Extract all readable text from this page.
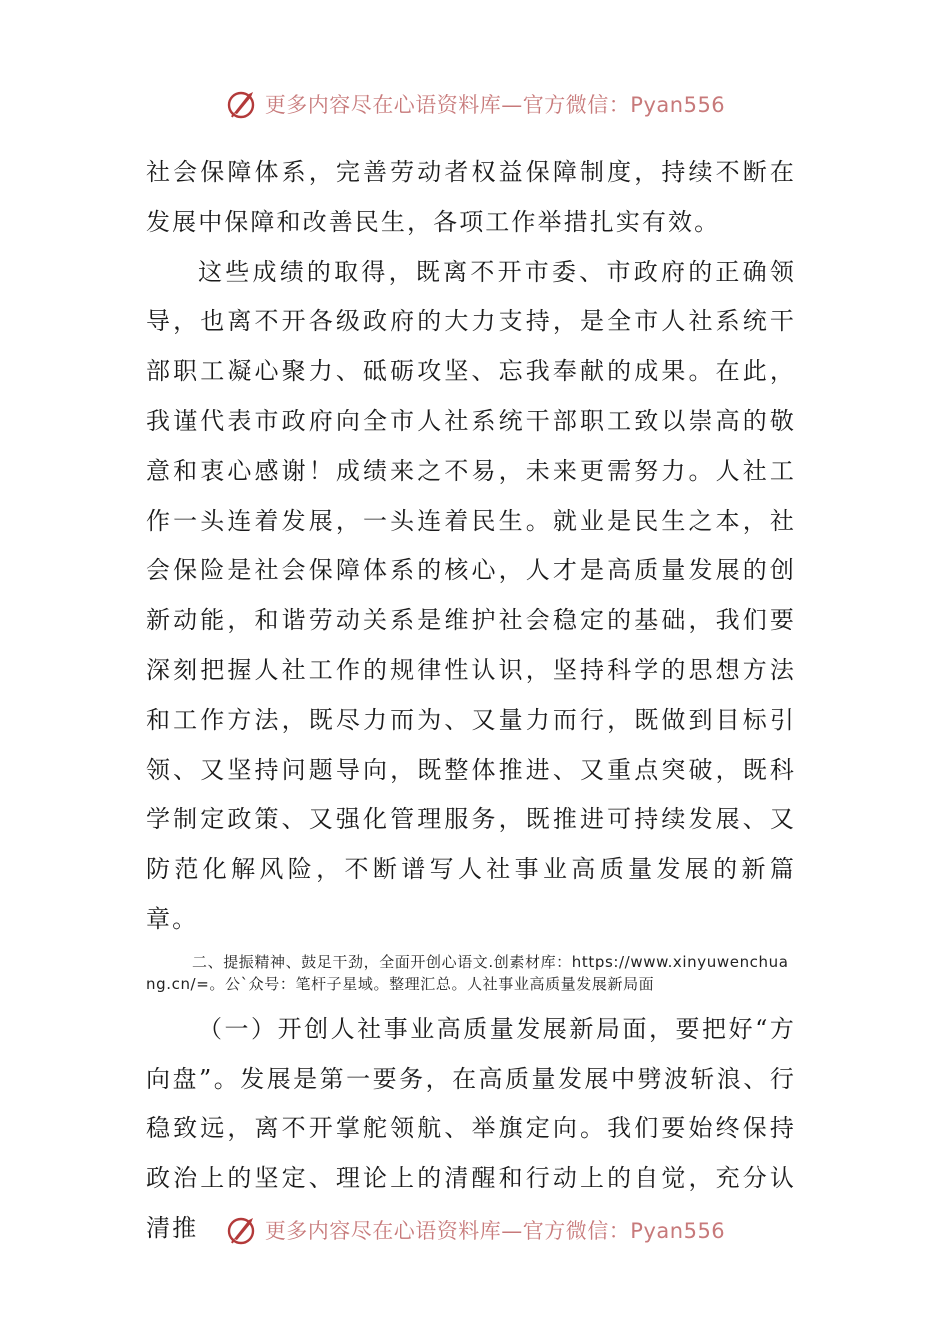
更多内容尽在心语资料库—官方微信：Pyan556

社会保障体系，完善劳动者权益保障制度，持续不断在发展中保障和改善民生，各项工作举措扎实有效。

这些成绩的取得，既离不开市委、市政府的正确领导，也离不开各级政府的大力支持，是全市人社系统干部职工凝心聚力、砥砺攻坚、忘我奉献的成果。在此，我谨代表市政府向全市人社系统干部职工致以崇高的敬意和衷心感谢！成绩来之不易，未来更需努力。人社工作一头连着发展，一头连着民生。就业是民生之本，社会保险是社会保障体系的核心，人才是高质量发展的创新动能，和谐劳动关系是维护社会稳定的基础，我们要深刻把握人社工作的规律性认识，坚持科学的思想方法和工作方法，既尽力而为、又量力而行，既做到目标引领、又坚持问题导向，既整体推进、又重点突破，既科学制定政策、又强化管理服务，既推进可持续发展、又防范化解风险，不断谱写人社事业高质量发展的新篇章。

二、提振精神、鼓足干劲，全面开创心语文.创素材库：https://www.xinyuwenchuang.cn/=。公`众号：笔杆子星域。整理汇总。人社事业高质量发展新局面

（一）开创人社事业高质量发展新局面，要把好“方向盘”。发展是第一要务，在高质量发展中劈波斩浪、行稳致远，离不开掌舵领航、举旗定向。我们要始终保持政治上的坚定、理论上的清醒和行动上的自觉，充分认清推	更多内容尽在心语资料库—官方微信：Pyan556
